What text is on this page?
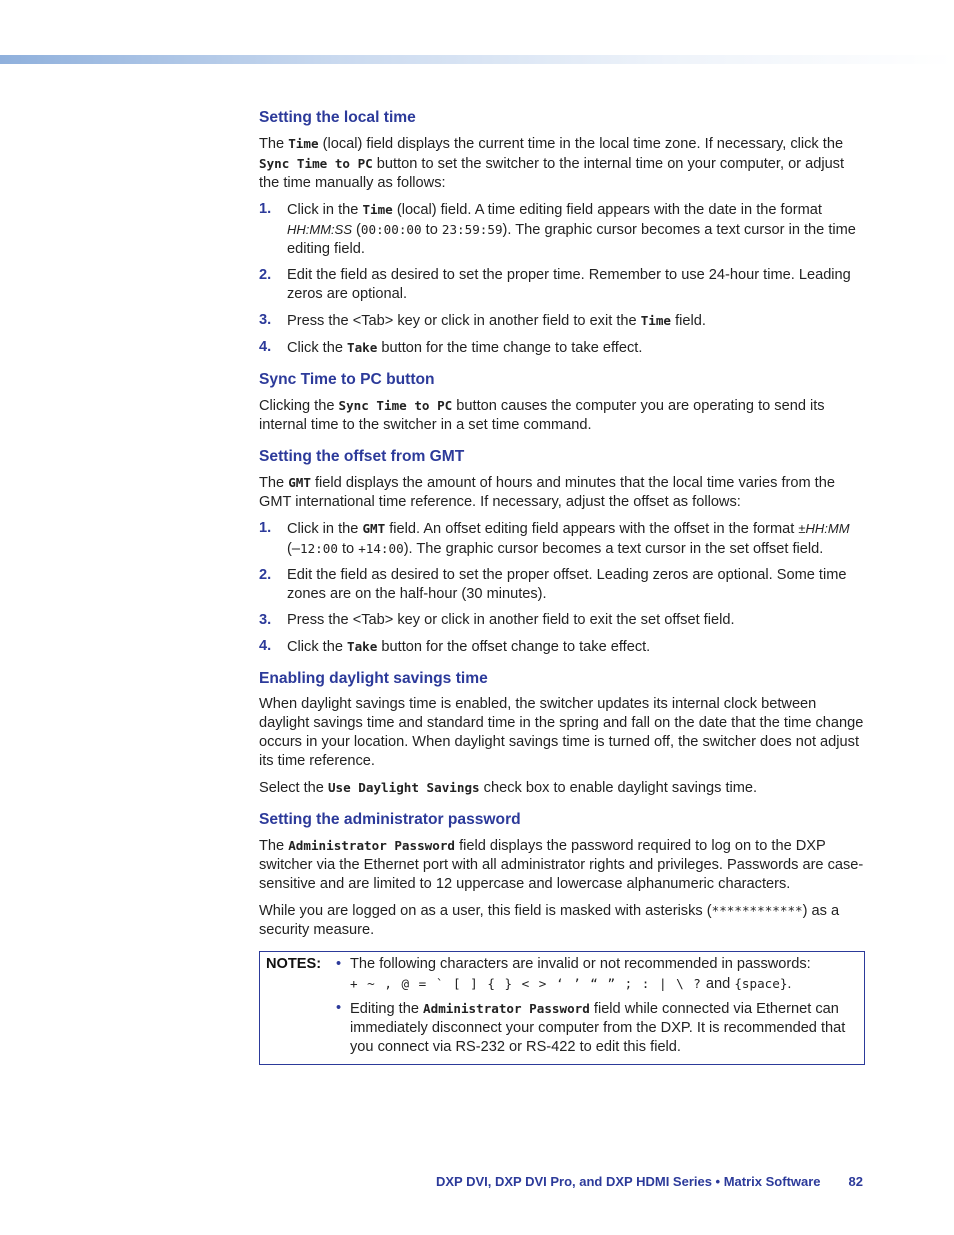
Setting the local time

The Time (local) field displays the current time in the local time zone. If necessary, click the Sync Time to PC button to set the switcher to the internal time on your computer, or adjust the time manually as follows:

1. Click in the Time (local) field. A time editing field appears with the date in the format HH:MM:SS (00:00:00 to 23:59:59). The graphic cursor becomes a text cursor in the time editing field.
2. Edit the field as desired to set the proper time. Remember to use 24-hour time. Leading zeros are optional.
3. Press the <Tab> key or click in another field to exit the Time field.
4. Click the Take button for the time change to take effect.
Sync Time to PC button

Clicking the Sync Time to PC button causes the computer you are operating to send its internal time to the switcher in a set time command.

Setting the offset from GMT

The GMT field displays the amount of hours and minutes that the local time varies from the GMT international time reference. If necessary, adjust the offset as follows:

1. Click in the GMT field. An offset editing field appears with the offset in the format ±HH:MM (–12:00 to +14:00). The graphic cursor becomes a text cursor in the set offset field.
2. Edit the field as desired to set the proper offset. Leading zeros are optional. Some time zones are on the half-hour (30 minutes).
3. Press the <Tab> key or click in another field to exit the set offset field.
4. Click the Take button for the offset change to take effect.
Enabling daylight savings time

When daylight savings time is enabled, the switcher updates its internal clock between daylight savings time and standard time in the spring and fall on the date that the time change occurs in your location. When daylight savings time is turned off, the switcher does not adjust its time reference.

Select the Use Daylight Savings check box to enable daylight savings time.

Setting the administrator password

The Administrator Password field displays the password required to log on to the DXP switcher via the Ethernet port with all administrator rights and privileges. Passwords are case-sensitive and are limited to 12 uppercase and lowercase alphanumeric characters.

While you are logged on as a user, this field is masked with asterisks (************) as a security measure.

NOTES: • The following characters are invalid or not recommended in passwords:
+ ~ , @ = ` [ ] { } < > ‘ ’ “ ” ; : | \ ? and {space}.
• Editing the Administrator Password field while connected via Ethernet can immediately disconnect your computer from the DXP. It is recommended that you connect via RS-232 or RS-422 to edit this field.
DXP DVI, DXP DVI Pro, and DXP HDMI Series • Matrix Software 82
